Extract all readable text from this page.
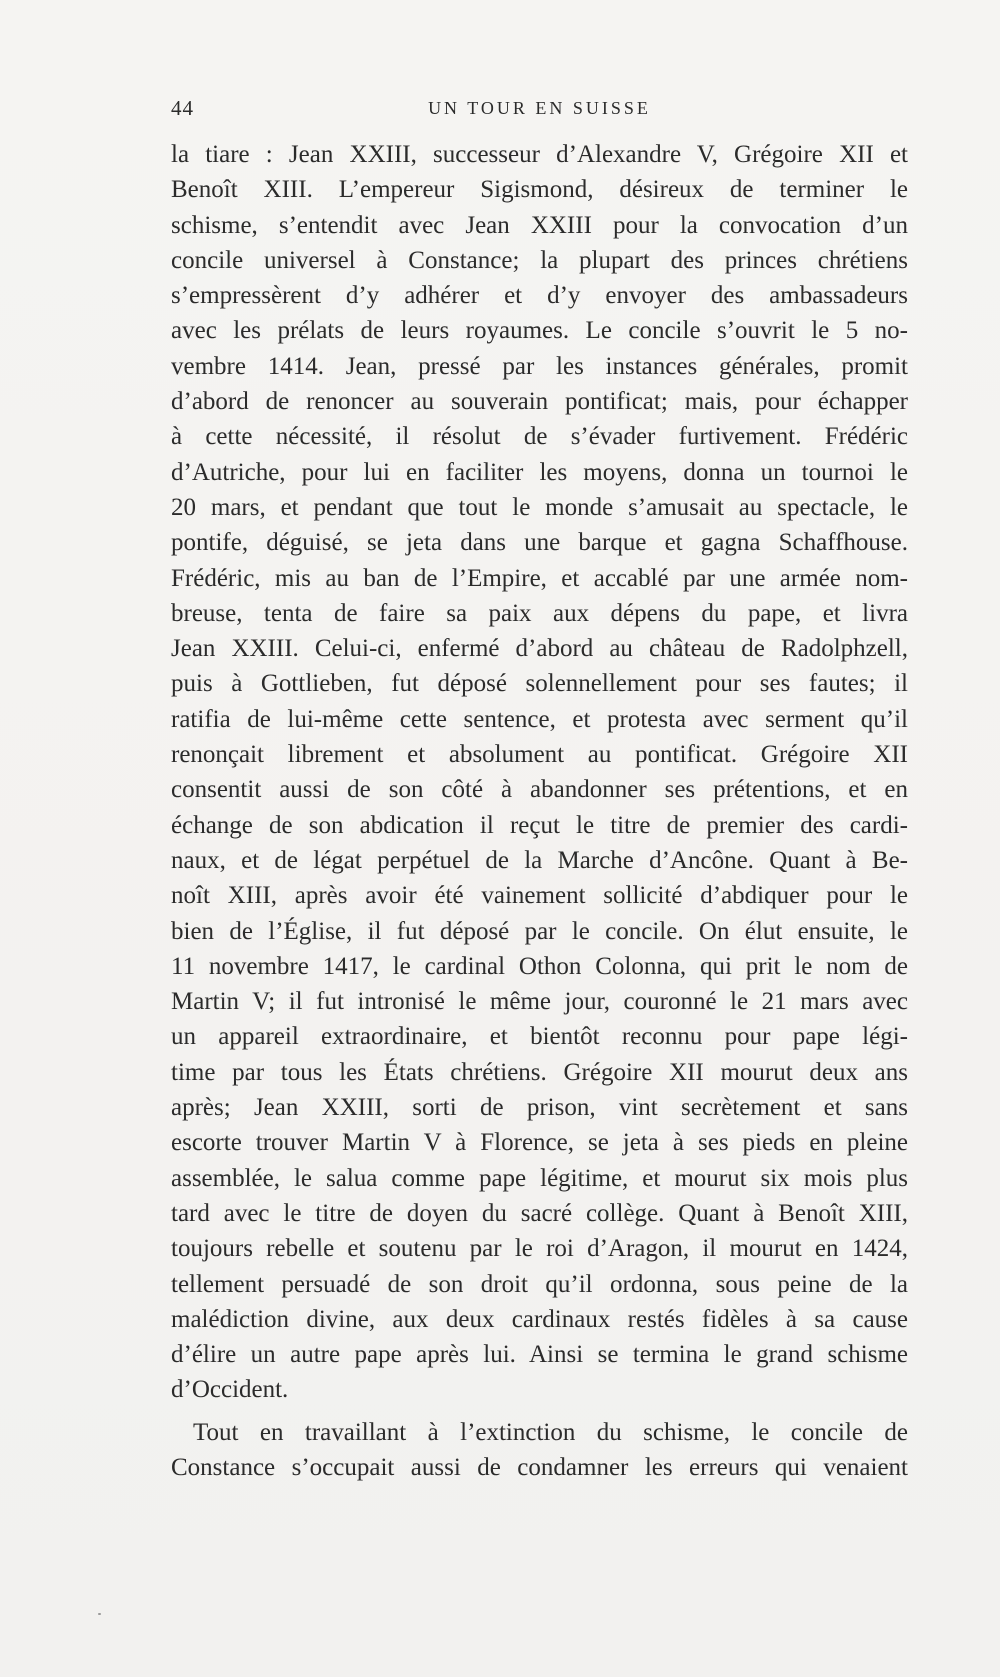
44	UN TOUR EN SUISSE
la tiare : Jean XXIII, successeur d’Alexandre V, Grégoire XII et
Benoît XIII. L’empereur Sigismond, désireux de terminer le
schisme, s’entendit avec Jean XXIII pour la convocation d’un
concile universel à Constance; la plupart des princes chrétiens
s’empressèrent d’y adhérer et d’y envoyer des ambassadeurs
avec les prélats de leurs royaumes. Le concile s’ouvrit le 5 no-
vembre 1414. Jean, pressé par les instances générales, promit
d’abord de renoncer au souverain pontificat; mais, pour échapper
à cette nécessité, il résolut de s’évader furtivement. Frédéric
d’Autriche, pour lui en faciliter les moyens, donna un tournoi le
20 mars, et pendant que tout le monde s’amusait au spectacle, le
pontife, déguisé, se jeta dans une barque et gagna Schaffhouse.
Frédéric, mis au ban de l’Empire, et accablé par une armée nom-
breuse, tenta de faire sa paix aux dépens du pape, et livra
Jean XXIII. Celui-ci, enfermé d’abord au château de Radolphzell,
puis à Gottlieben, fut déposé solennellement pour ses fautes; il
ratifia de lui-même cette sentence, et protesta avec serment qu’il
renonçait librement et absolument au pontificat. Grégoire XII
consentit aussi de son côté à abandonner ses prétentions, et en
échange de son abdication il reçut le titre de premier des cardi-
naux, et de légat perpétuel de la Marche d’Ancône. Quant à Be-
noît XIII, après avoir été vainement sollicité d’abdiquer pour le
bien de l’Église, il fut déposé par le concile. On élut ensuite, le
11 novembre 1417, le cardinal Othon Colonna, qui prit le nom de
Martin V; il fut intronisé le même jour, couronné le 21 mars avec
un appareil extraordinaire, et bientôt reconnu pour pape légi-
time par tous les États chrétiens. Grégoire XII mourut deux ans
après; Jean XXIII, sorti de prison, vint secrètement et sans
escorte trouver Martin V à Florence, se jeta à ses pieds en pleine
assemblée, le salua comme pape légitime, et mourut six mois plus
tard avec le titre de doyen du sacré collège. Quant à Benoît XIII,
toujours rebelle et soutenu par le roi d’Aragon, il mourut en 1424,
tellement persuadé de son droit qu’il ordonna, sous peine de la
malédiction divine, aux deux cardinaux restés fidèles à sa cause
d’élire un autre pape après lui. Ainsi se termina le grand schisme
d’Occident.
Tout en travaillant à l’extinction du schisme, le concile de
Constance s’occupait aussi de condamner les erreurs qui venaient
